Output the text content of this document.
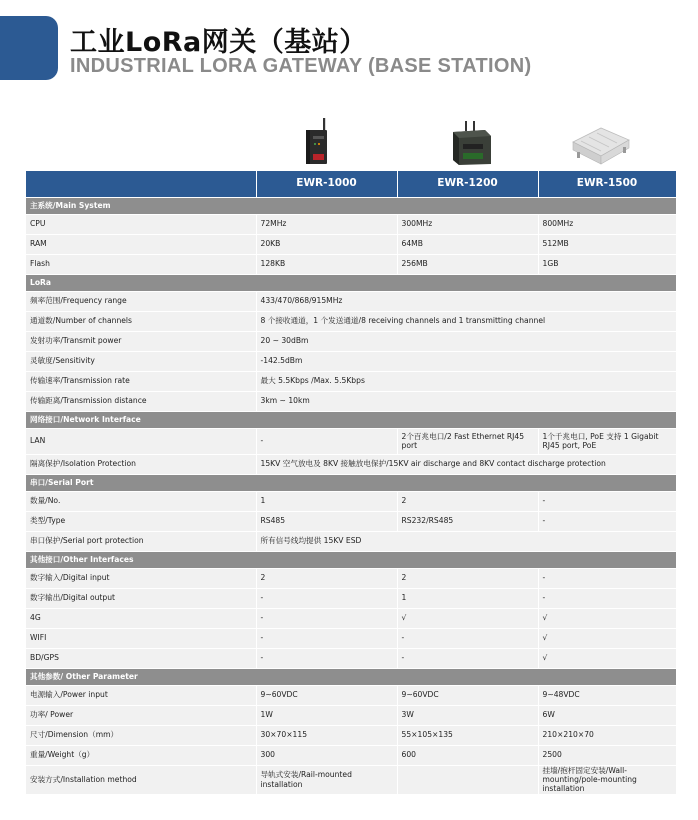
工业LoRa网关（基站）
INDUSTRIAL LORA GATEWAY (BASE STATION)
	EWR-1000	EWR-1200	EWR-1500
主系统/Main System			
CPU	72MHz	300MHz	800MHz
RAM	20KB	64MB	512MB
Flash	128KB	256MB	1GB
LoRa			
频率范围/Frequency range	433/470/868/915MHz		
通道数/Number of channels	8 个接收通道，1 个发送通道/8 receiving channels and 1 transmitting channel		
发射功率/Transmit power	20 ~ 30dBm		
灵敏度/Sensitivity	-142.5dBm		
传输速率/Transmission rate	最大 5.5Kbps /Max. 5.5Kbps		
传输距离/Transmission distance	3km ~ 10km		
网络接口/Network Interface			
LAN	-	2个百兆电口/2 Fast Ethernet RJ45 port	1个千兆电口, PoE 支持 1 Gigabit RJ45 port, PoE
隔离保护/Isolation Protection	15KV 空气放电及 8KV 接触放电保护/15KV air discharge and 8KV contact discharge protection		
串口/Serial Port			
数量/No.	1	2	-
类型/Type	RS485	RS232/RS485	-
串口保护/Serial port protection	所有信号线均提供 15KV ESD		
其他接口/Other Interfaces			
数字输入/Digital input	2	2	-
数字输出/Digital output	-	1	-
4G	-	√	√
WIFI	-	-	√
BD/GPS	-	-	√
其他参数/ Other Parameter			
电源输入/Power input	9~60VDC	9~60VDC	9~48VDC
功率/ Power	1W	3W	6W
尺寸/Dimension（mm）	30×70×115	55×105×135	210×210×70
重量/Weight（g）	300	600	2500
安装方式/Installation method	导轨式安装/Rail-mounted installation		挂墙/抱杆固定安装/Wall-mounting/pole-mounting installation
